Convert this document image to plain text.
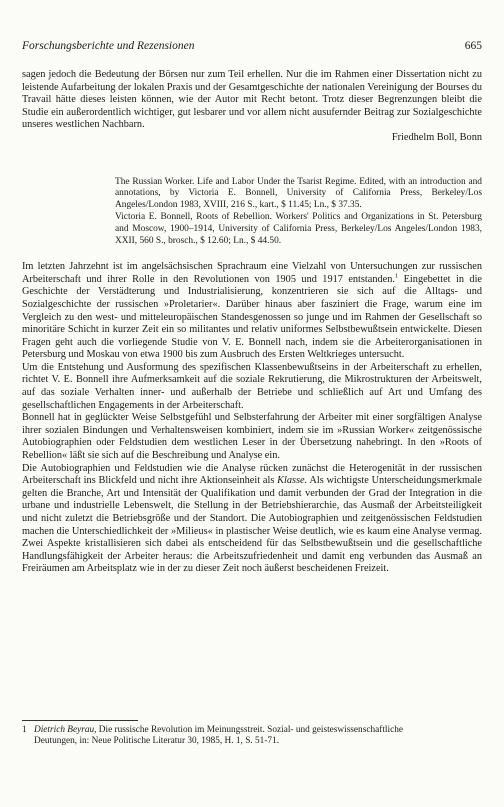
Forschungsberichte und Rezensionen	665

sagen jedoch die Bedeutung der Börsen nur zum Teil erhellen. Nur die im Rahmen einer Dissertation nicht zu leistende Aufarbeitung der lokalen Praxis und der Gesamtgeschichte der nationalen Vereinigung der Bourses du Travail hätte dieses leisten können, wie der Autor mit Recht betont. Trotz dieser Begrenzungen bleibt die Studie ein außerordentlich wichtiger, gut lesbarer und vor allem nicht ausufernder Beitrag zur Sozialgeschichte unseres westlichen Nachbarn.

Friedhelm Boll, Bonn

The Russian Worker. Life and Labor Under the Tsarist Regime. Edited, with an introduction and annotations, by Victoria E. Bonnell, University of California Press, Berkeley/Los Angeles/London 1983, XVIII, 216 S., kart., $ 11.45; Ln., $ 37.35.

Victoria E. Bonnell, Roots of Rebellion. Workers' Politics and Organizations in St. Petersburg and Moscow, 1900–1914, University of California Press, Berkeley/Los Angeles/London 1983, XXII, 560 S., brosch., $ 12.60; Ln., $ 44.50.

Im letzten Jahrzehnt ist im angelsächsischen Sprachraum eine Vielzahl von Untersuchungen zur russischen Arbeiterschaft und ihrer Rolle in den Revolutionen von 1905 und 1917 entstanden.$^1$ Eingebettet in die Geschichte der Verstädterung und Industrialisierung, konzentrieren sie sich auf die Alltags- und Sozialgeschichte der russischen »Proletarier«. Darüber hinaus aber fasziniert die Frage, warum eine im Vergleich zu den west- und mitteleuropäischen Standesgenossen so junge und im Rahmen der Gesellschaft so minoritäre Schicht in kurzer Zeit ein so militantes und relativ uniformes Selbstbewußtsein entwickelte. Diesen Fragen geht auch die vorliegende Studie von V. E. Bonnell nach, indem sie die Arbeiterorganisationen in Petersburg und Moskau von etwa 1900 bis zum Ausbruch des Ersten Weltkrieges untersucht.

Um die Entstehung und Ausformung des spezifischen Klassenbewußtseins in der Arbeiterschaft zu erhellen, richtet V. E. Bonnell ihre Aufmerksamkeit auf die soziale Rekrutierung, die Mikrostrukturen der Arbeitswelt, auf das soziale Verhalten inner- und außerhalb der Betriebe und schließlich auf Art und Umfang des gesellschaftlichen Engagements in der Arbeiterschaft.

Bonnell hat in geglückter Weise Selbstgefühl und Selbsterfahrung der Arbeiter mit einer sorgfältigen Analyse ihrer sozialen Bindungen und Verhaltensweisen kombiniert, indem sie im »Russian Worker« zeitgenössische Autobiographien oder Feldstudien dem westlichen Leser in der Übersetzung nahebringt. In den »Roots of Rebellion« läßt sie sich auf die Beschreibung und Analyse ein.

Die Autobiographien und Feldstudien wie die Analyse rücken zunächst die Heterogenität in der russischen Arbeiterschaft ins Blickfeld und nicht ihre Aktionseinheit als Klasse. Als wichtigste Unterscheidungsmerkmale gelten die Branche, Art und Intensität der Qualifikation und damit verbunden der Grad der Integration in die urbane und industrielle Lebenswelt, die Stellung in der Betriebshierarchie, das Ausmaß der Arbeitsteiligkeit und nicht zuletzt die Betriebsgröße und der Standort. Die Autobiographien und zeitgenössischen Feldstudien machen die Unterschiedlichkeit der »Milieus« in plastischer Weise deutlich, wie es kaum eine Analyse vermag. Zwei Aspekte kristallisieren sich dabei als entscheidend für das Selbstbewußtsein und die gesellschaftliche Handlungsfähigkeit der Arbeiter heraus: die Arbeitszufriedenheit und damit eng verbunden das Ausmaß an Freiräumen am Arbeitsplatz wie in der zu dieser Zeit noch äußerst bescheidenen Freizeit.

1 Dietrich Beyrau, Die russische Revolution im Meinungsstreit. Sozial- und geisteswissenschaftliche
Deutungen, in: Neue Politische Literatur 30, 1985, H. 1, S. 51-71.
